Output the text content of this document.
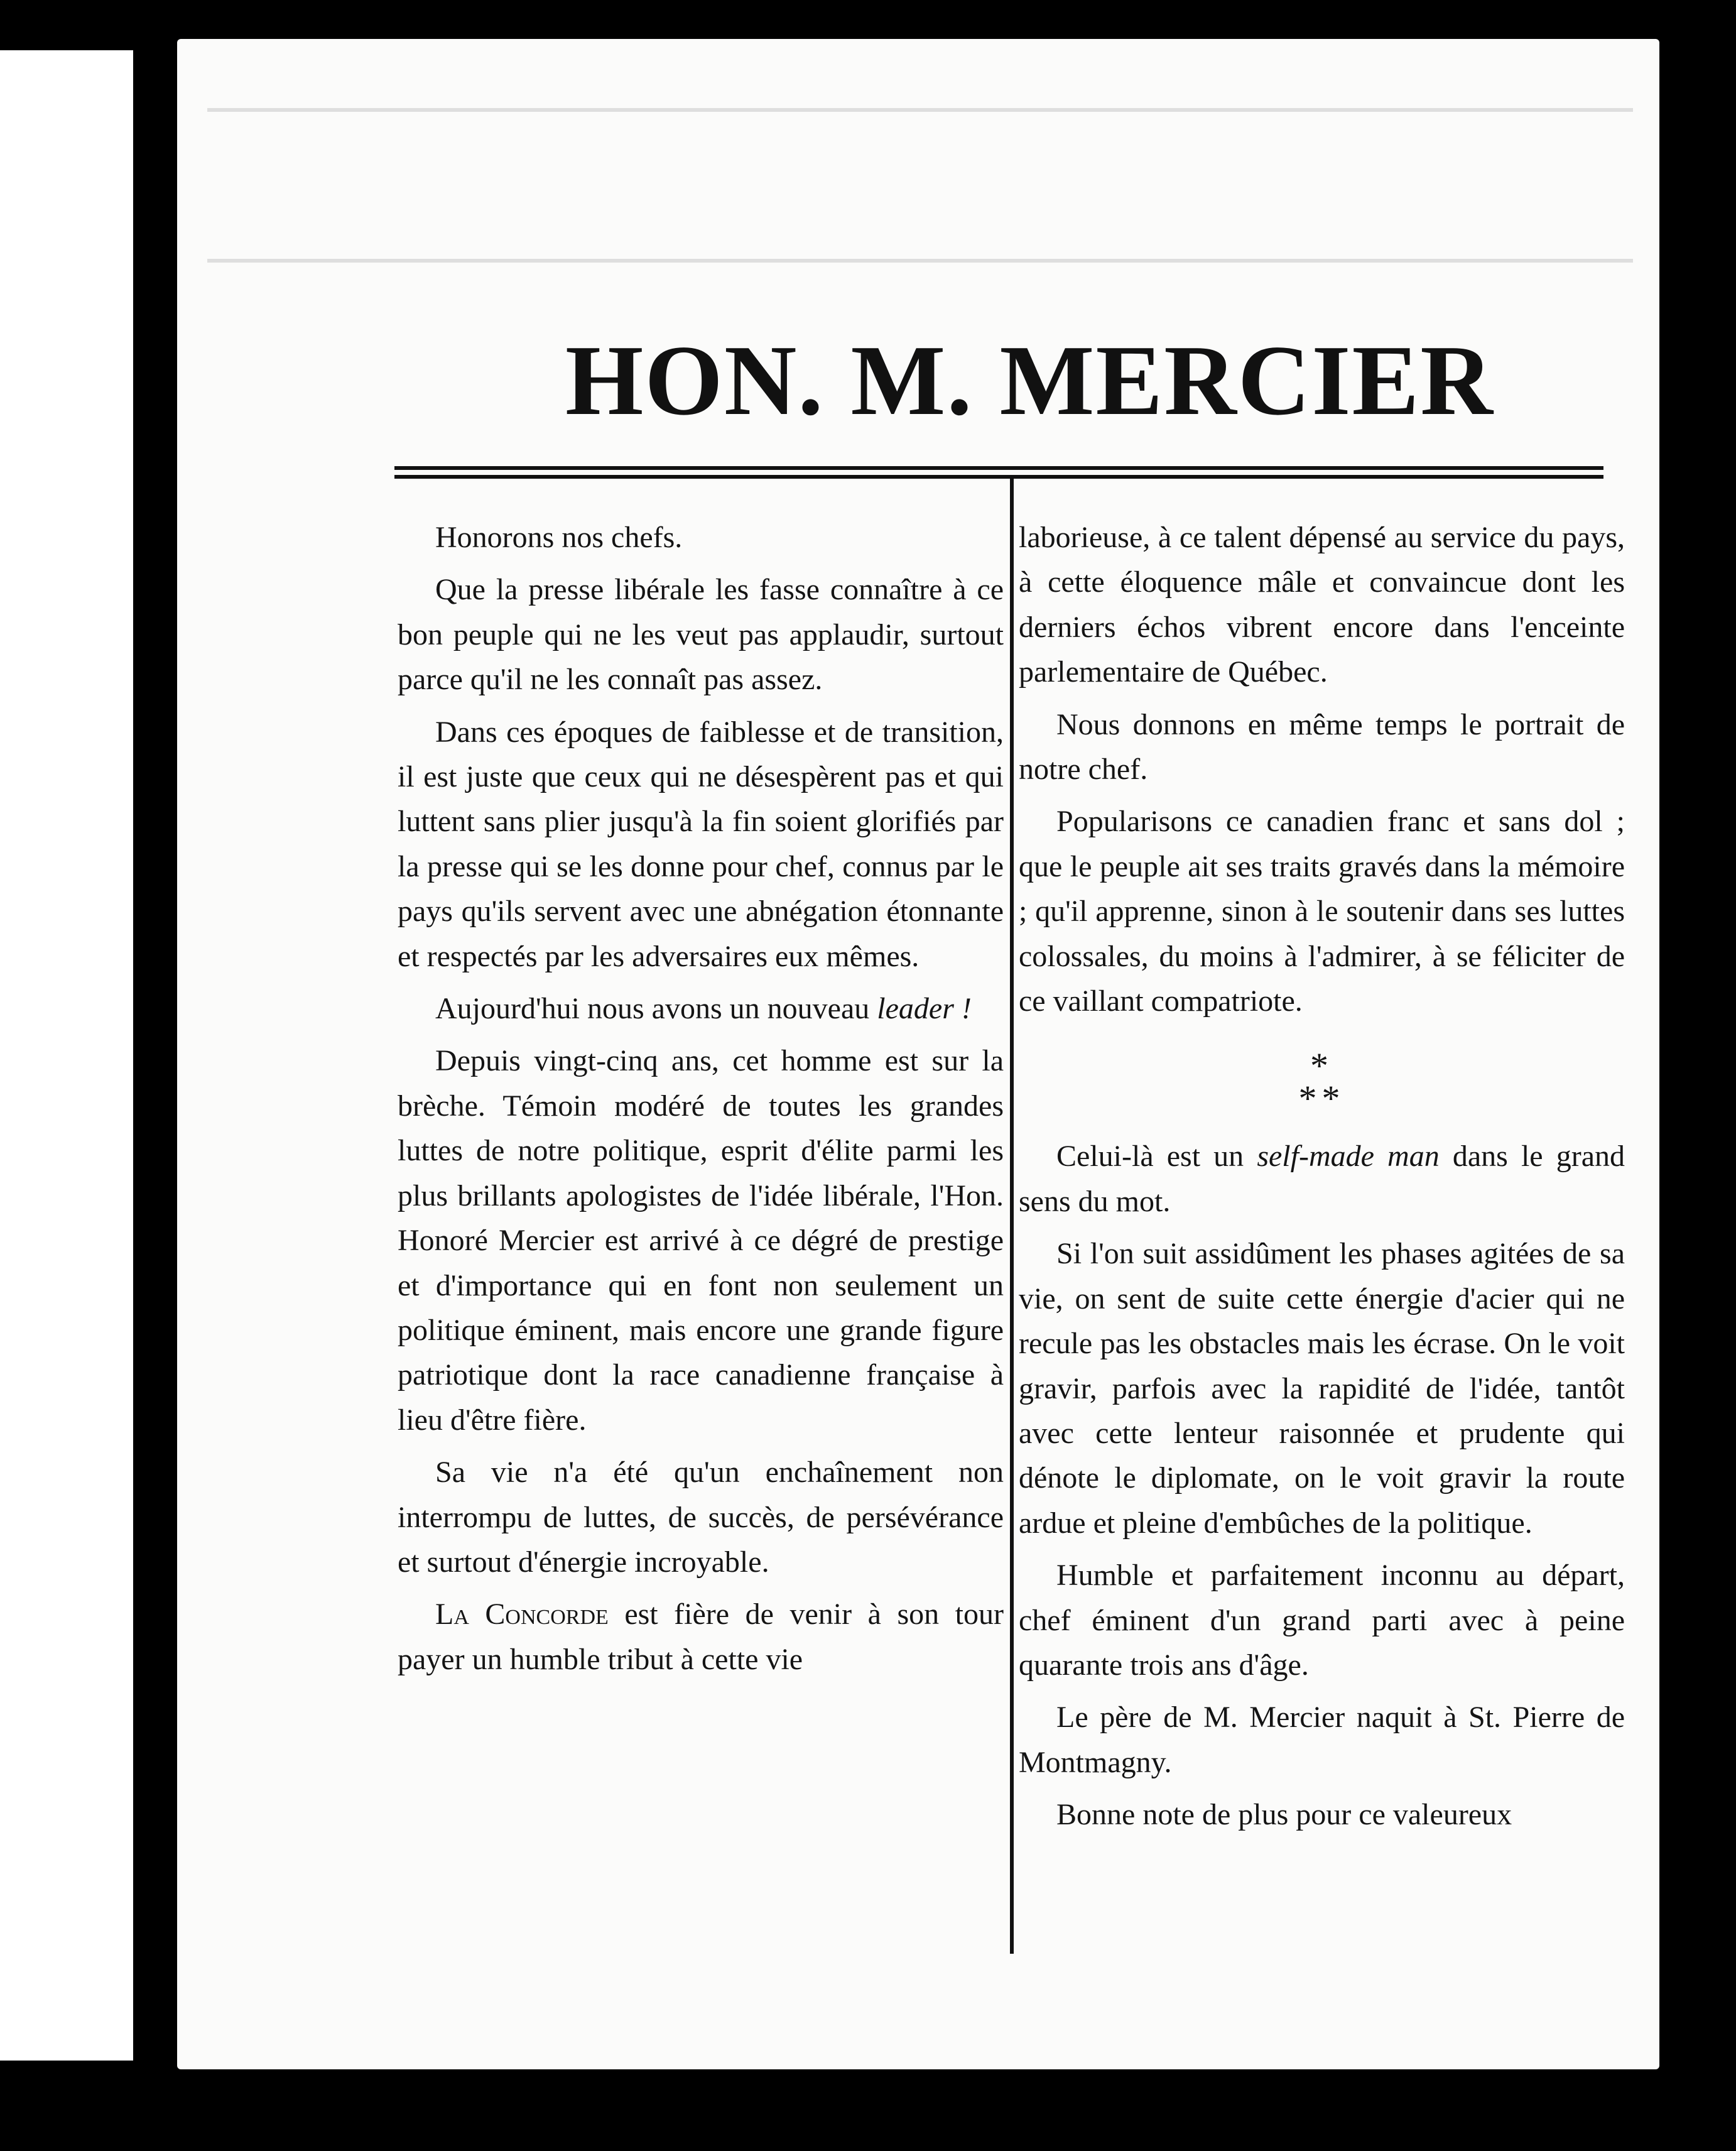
HON. M. MERCIER

Honorons nos chefs.

Que la presse libérale les fasse connaître à ce bon peuple qui ne les veut pas applaudir, surtout parce qu'il ne les connaît pas assez.

Dans ces époques de faiblesse et de transition, il est juste que ceux qui ne désespèrent pas et qui luttent sans plier jusqu'à la fin soient glorifiés par la presse qui se les donne pour chef, connus par le pays qu'ils servent avec une abnégation étonnante et respectés par les adversaires eux mêmes.

Aujourd'hui nous avons un nouveau leader !

Depuis vingt-cinq ans, cet homme est sur la brèche. Témoin modéré de toutes les grandes luttes de notre politique, esprit d'élite parmi les plus brillants apologistes de l'idée libérale, l'Hon. Honoré Mercier est arrivé à ce dégré de prestige et d'importance qui en font non seulement un politique éminent, mais encore une grande figure patriotique dont la race canadienne française à lieu d'être fière.

Sa vie n'a été qu'un enchaînement non interrompu de luttes, de succès, de persévérance et surtout d'énergie incroyable.

La Concorde est fière de venir à son tour payer un humble tribut à cette vie

laborieuse, à ce talent dépensé au service du pays, à cette éloquence mâle et convaincue dont les derniers échos vibrent encore dans l'enceinte parlementaire de Québec.

Nous donnons en même temps le portrait de notre chef.

Popularisons ce canadien franc et sans dol ; que le peuple ait ses traits gravés dans la mémoire ; qu'il apprenne, sinon à le soutenir dans ses luttes colossales, du moins à l'admirer, à se féliciter de ce vaillant compatriote.

*
**

Celui-là est un self-made man dans le grand sens du mot.

Si l'on suit assidûment les phases agitées de sa vie, on sent de suite cette énergie d'acier qui ne recule pas les obstacles mais les écrase. On le voit gravir, parfois avec la rapidité de l'idée, tantôt avec cette lenteur raisonnée et prudente qui dénote le diplomate, on le voit gravir la route ardue et pleine d'embûches de la politique.

Humble et parfaitement inconnu au départ, chef éminent d'un grand parti avec à peine quarante trois ans d'âge.

Le père de M. Mercier naquit à St. Pierre de Montmagny.

Bonne note de plus pour ce valeureux
